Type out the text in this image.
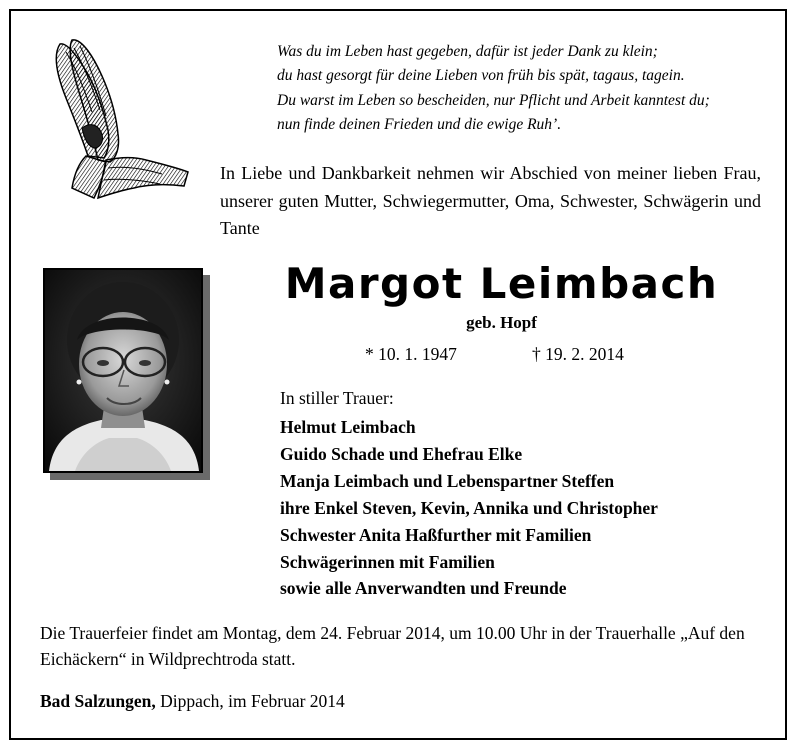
Was du im Leben hast gegeben, dafür ist jeder Dank zu klein;
du hast gesorgt für deine Lieben von früh bis spät, tagaus, tagein.
Du warst im Leben so bescheiden, nur Pflicht und Arbeit kanntest du;
nun finde deinen Frieden und die ewige Ruh’.
In Liebe und Dankbarkeit nehmen wir Abschied von meiner lieben Frau, unserer guten Mutter, Schwiegermutter, Oma, Schwester, Schwägerin und Tante
Margot Leimbach
geb. Hopf
* 10. 1. 1947	† 19. 2. 2014
In stiller Trauer:
Helmut Leimbach
Guido Schade und Ehefrau Elke
Manja Leimbach und Lebenspartner Steffen
ihre Enkel Steven, Kevin, Annika und Christopher
Schwester Anita Haßfurther mit Familien
Schwägerinnen mit Familien
sowie alle Anverwandten und Freunde
Die Trauerfeier findet am Montag, dem 24. Februar 2014, um 10.00 Uhr in der Trauerhalle „Auf den Eichäckern“ in Wildprechtroda statt.
Bad Salzungen, Dippach, im Februar 2014
